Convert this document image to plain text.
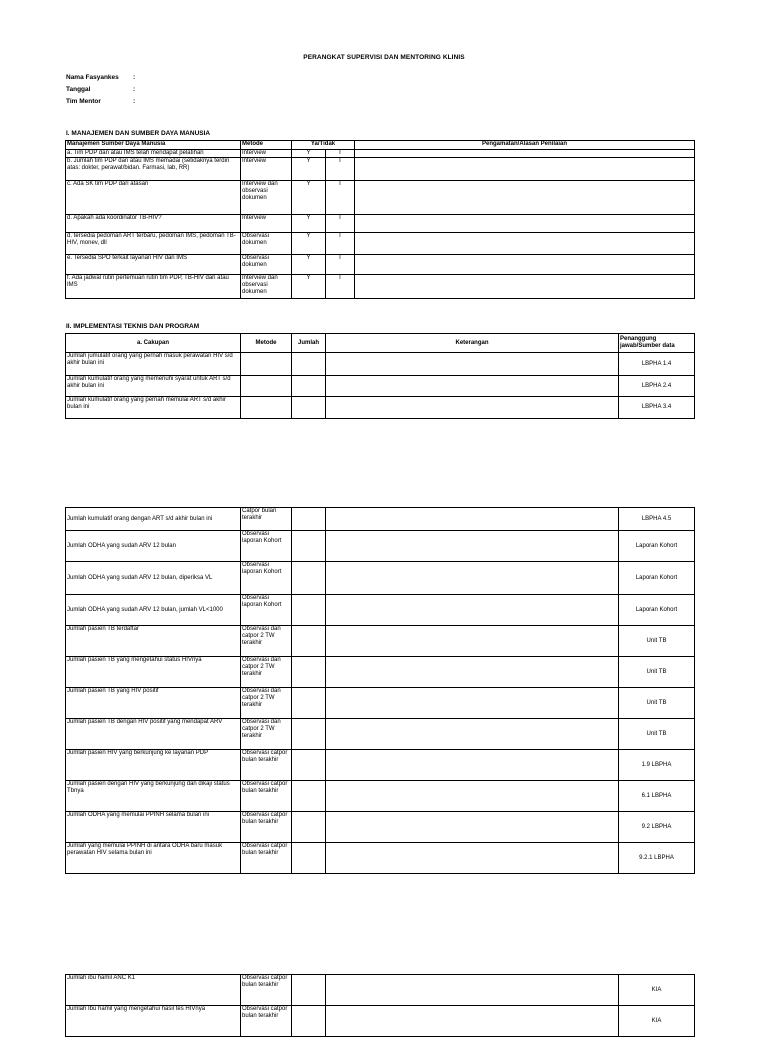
PERANGKAT SUPERVISI DAN MENTORING KLINIS
Nama Fasyankes :
Tanggal	:
Tim Mentor	:
I. MANAJEMEN DAN SUMBER DAYA MANUSIA
Manajemen Sumber Daya Manusia	Metode	Ya/Tidak		Pengamatan/Alasan Penilaian
a. Tim PDP dan atau IMS telah mendapat pelatihan	Interview	Y	T	
b. Jumlah tim PDP dan atau IMS memadai (setidaknya terdiri atas: dokter, perawat/bidan. Farmasi, lab, RR)	Interview	Y	T	
c. Ada SK tim PDP dari atasan	Interview dan observasi dokumen	Y	T	
d. Apakah ada koordinator TB-HIV?	Interview	Y	T	
d. tersedia pedoman ART terbaru, pedoman IMS, pedoman TB-HIV, monev, dll	Observasi dokumen	Y	T	
e. Tersedia SPO terkait layanan HIV dan IMS	Observasi dokumen	Y	T	
f. Ada jadwal rutin pertemuan rutin tim PDP, TB-HIV dan atau IMS	Interview dan observasi dokumen	Y	T	
II. IMPLEMENTASI TEKNIS DAN PROGRAM
a. Cakupan	Metode	Jumlah	Keterangan	Penanggung jawab/Sumber data
Jumlah jumulatif orang yang pernah masuk perawatan HIV s/d akhir bulan ini				LBPHA 1.4
Jumlah kumulatif orang yang memenuhi syarat untuk ART s/d akhir bulan ini				LBPHA 2.4
Jumlah kumulatif orang yang pernah memulai ART s/d akhir bulan ini				LBPHA 3.4
Jumlah kumulatif orang dengan ART s/d akhir bulan ini	Catpor bulan terakhir			LBPHA 4.5
Jumlah ODHA yang sudah ARV 12 bulan	Observasi laporan Kohort			Laporan Kohort
Jumlah ODHA yang sudah ARV 12 bulan, diperiksa VL	Observasi laporan Kohort			Laporan Kohort
Jumlah ODHA yang sudah ARV 12 bulan, jumlah VL<1000	Observasi laporan Kohort			Laporan Kohort
Jumlah pasien TB terdaftar	Observasi dan catpor 2 TW terakhir			Unit TB
Jumlah pasien TB yang mengetahui status HIVnya	Observasi dan catpor 2 TW terakhir			Unit TB
Jumlah pasien TB yang HIV positif	Observasi dan catpor 2 TW terakhir			Unit TB
Jumlah pasien TB dengan HIV positif yang mendapat ARV	Observasi dan catpor 2 TW terakhir			Unit TB
Jumlah pasien HIV yang berkunjung ke layanan PDP	Observasi catpor bulan terakhir			1.9 LBPHA
Jumlah pasien dengan HIV yang berkunjung dan dikaji status Tbnya	Observasi catpor bulan terakhir			6.1 LBPHA
Jumlah ODHA yang memulai PPINH selama bulan ini	Observasi catpor bulan terakhir			9.2 LBPHA
Jumlah yang memulai PPINH di antara ODHA baru masuk perawatan HIV selama bulan ini	Observasi catpor bulan terakhir			9.2.1 LBPHA
Jumlah ibu hamil ANC K1	Observasi catpor bulan terakhir			KIA
Jumlah Ibu hamil yang mengetahui hasil tes HIVnya	Observasi catpor bulan terakhir			KIA
